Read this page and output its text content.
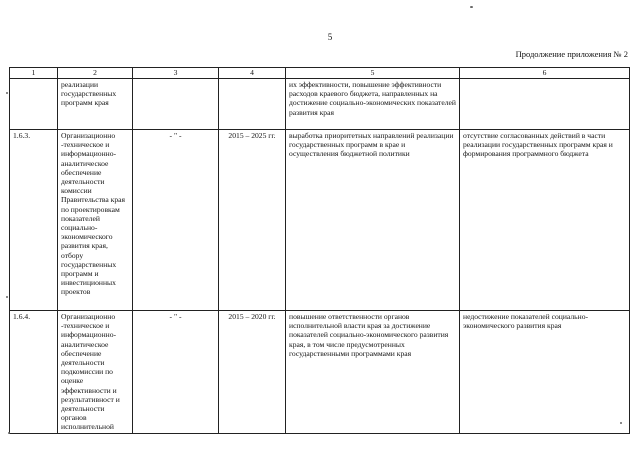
5
Продолжение приложения № 2
1	2	3	4	5	6
	реализации государственных программ края			их эффективности, повышение эффективности расходов краевого бюджета, направленных на достижение социально-экономических показателей развития края	
1.6.3.	Организационно -техническое и информационно-аналитическое обеспечение деятельности комиссии Правительства края по проектировкам показателей социально-экономического развития края, отбору государственных программ и инвестиционных проектов	- " -	2015 – 2025 гг.	выработка приоритетных направлений реализации государственных программ в крае и осуществления бюджетной политики	отсутствие согласованных действий в части реализации государственных программ края и формирования программного бюджета
1.6.4.	Организационно -техническое и информационно-аналитическое обеспечение деятельности подкомиссии по оценке эффективности и результативност и деятельности органов исполнительной	- " -	2015 – 2020 гг.	повышение ответственности органов исполнительной власти края за достижение показателей социально-экономического развития края, в том числе предусмотренных государственными программами края	недостижение показателей социально-экономического развития края
